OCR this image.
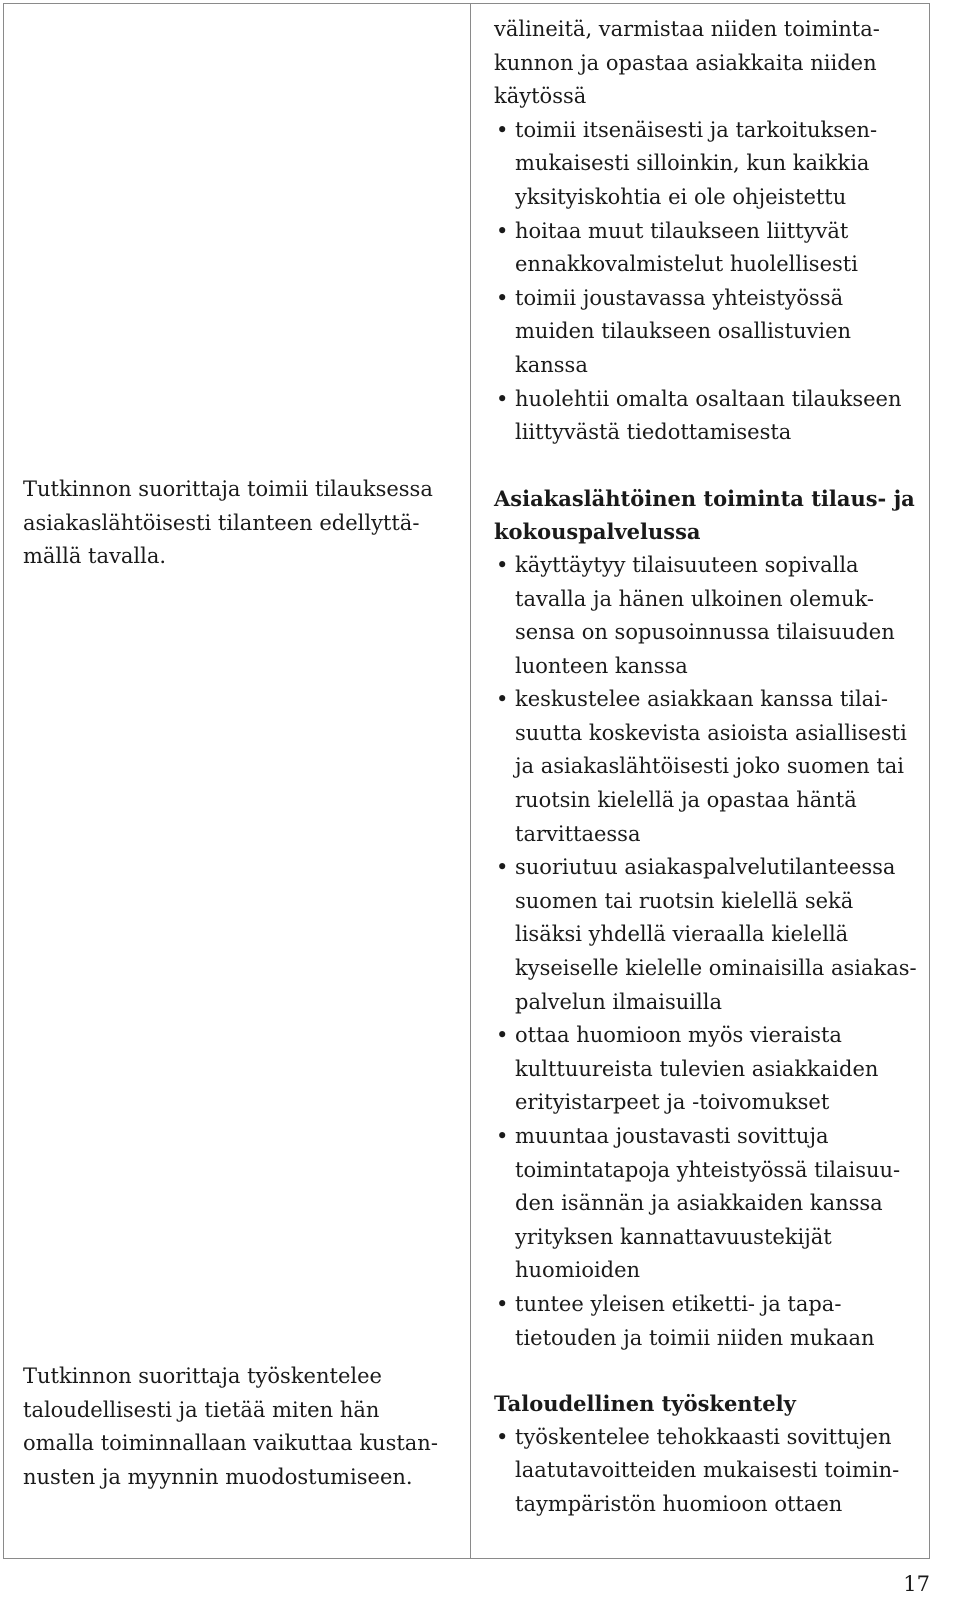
Tutkinnon suorittaja toimii tilauksessa
asiakaslähtöisesti tilanteen edellyttä-
mällä tavalla.
Tutkinnon suorittaja työskentelee
taloudellisesti ja tietää miten hän
omalla toiminnallaan vaikuttaa kustan-
nusten ja myynnin muodostumiseen.
välineitä, varmistaa niiden toiminta-
kunnon ja opastaa asiakkaita niiden
käytössä
• toimii itsenäisesti ja tarkoituksen-
mukaisesti silloinkin, kun kaikkia
yksityiskohtia ei ole ohjeistettu
• hoitaa muut tilaukseen liittyvät
ennakkovalmistelut huolellisesti
• toimii joustavassa yhteistyössä
muiden tilaukseen osallistuvien
kanssa
• huolehtii omalta osaltaan tilaukseen
liittyvästä tiedottamisesta
Asiakaslähtöinen toiminta tilaus- ja
kokouspalvelussa
• käyttäytyy tilaisuuteen sopivalla
tavalla ja hänen ulkoinen olemuk-
sensa on sopusoinnussa tilaisuuden
luonteen kanssa
• keskustelee asiakkaan kanssa tilai-
suutta koskevista asioista asiallisesti
ja asiakaslähtöisesti joko suomen tai
ruotsin kielellä ja opastaa häntä
tarvittaessa
• suoriutuu asiakaspalvelutilanteessa
suomen tai ruotsin kielellä sekä
lisäksi yhdellä vieraalla kielellä
kyseiselle kielelle ominaisilla asiakas-
palvelun ilmaisuilla
• ottaa huomioon myös vieraista
kulttuureista tulevien asiakkaiden
erityistarpeet ja -toivomukset
• muuntaa joustavasti sovittuja
toimintatapoja yhteistyössä tilaisuu-
den isännän ja asiakkaiden kanssa
yrityksen kannattavuustekijät
huomioiden
• tuntee yleisen etiketti- ja tapa-
tietouden ja toimii niiden mukaan
Taloudellinen työskentely
• työskentelee tehokkaasti sovittujen
laatutavoitteiden mukaisesti toimin-
taympäristön huomioon ottaen
17
